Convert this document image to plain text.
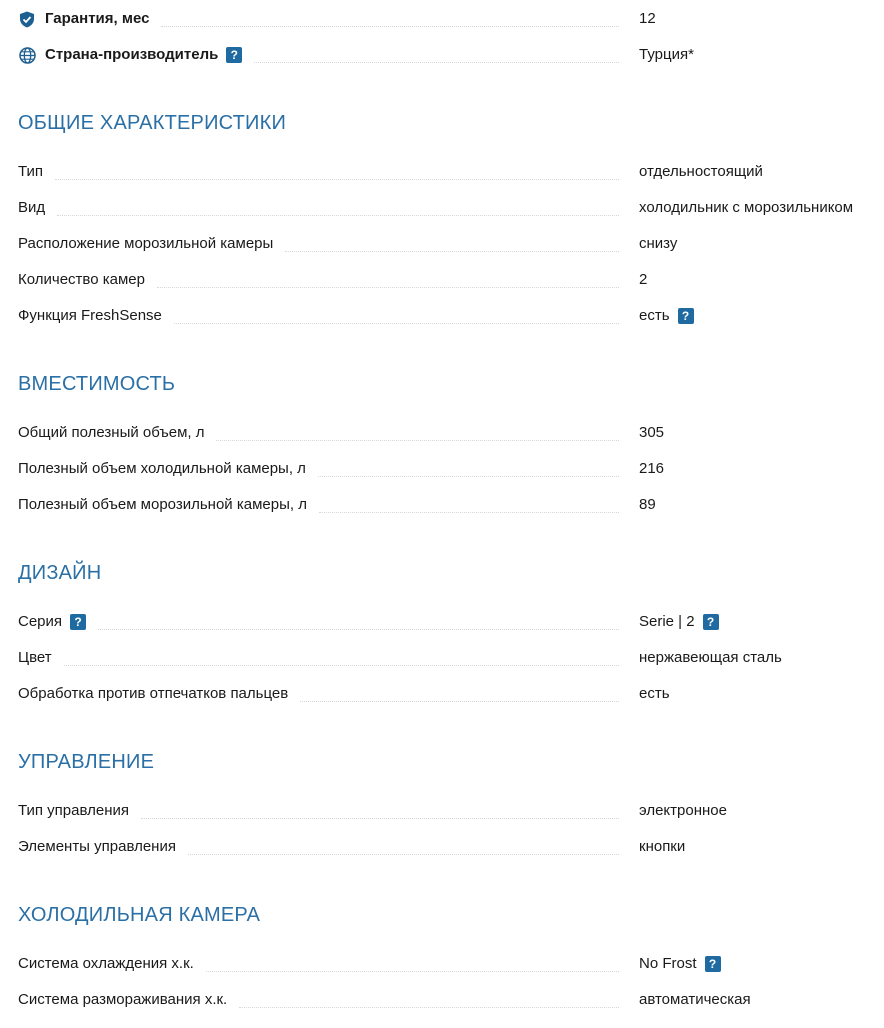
Гарантия, мес	12
Страна-производитель	?	Турция*
ОБЩИЕ ХАРАКТЕРИСТИКИ
Тип	отдельностоящий
Вид	холодильник с морозильником
Расположение морозильной камеры	снизу
Количество камер	2
Функция FreshSense	есть	?
ВМЕСТИМОСТЬ
Общий полезный объем, л	305
Полезный объем холодильной камеры, л	216
Полезный объем морозильной камеры, л	89
ДИЗАЙН
Серия	?	Serie | 2	?
Цвет	нержавеющая сталь
Обработка против отпечатков пальцев	есть
УПРАВЛЕНИЕ
Тип управления	электронное
Элементы управления	кнопки
ХОЛОДИЛЬНАЯ КАМЕРА
Система охлаждения х.к.	No Frost	?
Система размораживания х.к.	автоматическая
